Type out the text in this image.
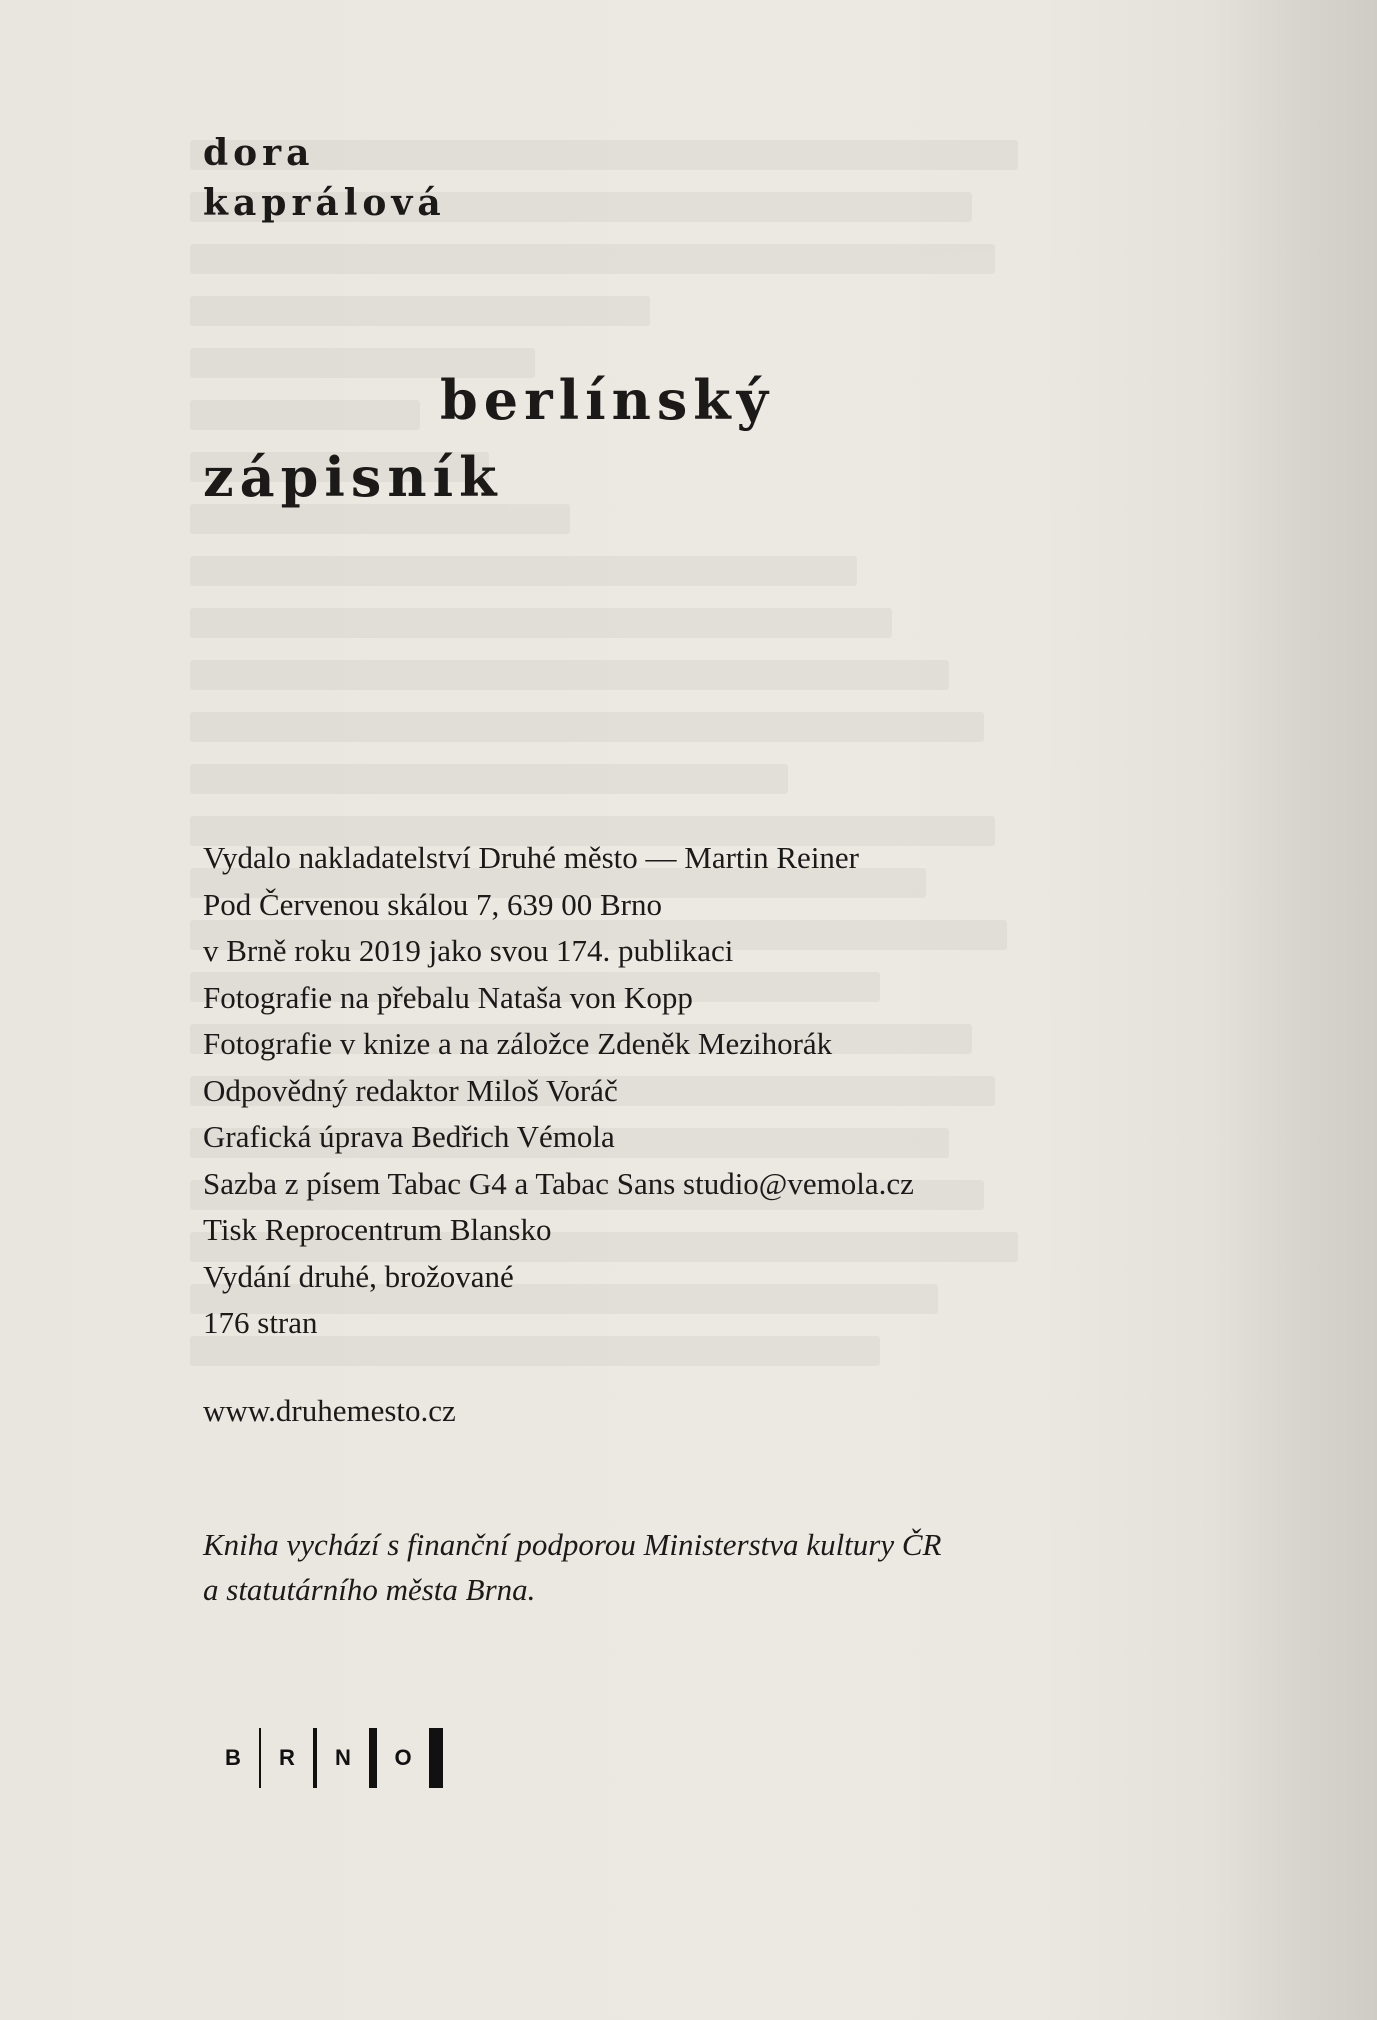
dora
kaprálová
berlínský
zápisník
Vydalo nakladatelství Druhé město — Martin Reiner
Pod Červenou skálou 7, 639 00 Brno
v Brně roku 2019 jako svou 174. publikaci
Fotografie na přebalu Nataša von Kopp
Fotografie v knize a na záložce Zdeněk Mezihorák
Odpovědný redaktor Miloš Voráč
Grafická úprava Bedřich Vémola
Sazba z písem Tabac G4 a Tabac Sans studio@vemola.cz
Tisk Reprocentrum Blansko
Vydání druhé, brožované
176 stran
www.druhemesto.cz
Kniha vychází s finanční podporou Ministerstva kultury ČR
a statutárního města Brna.
B R N O
